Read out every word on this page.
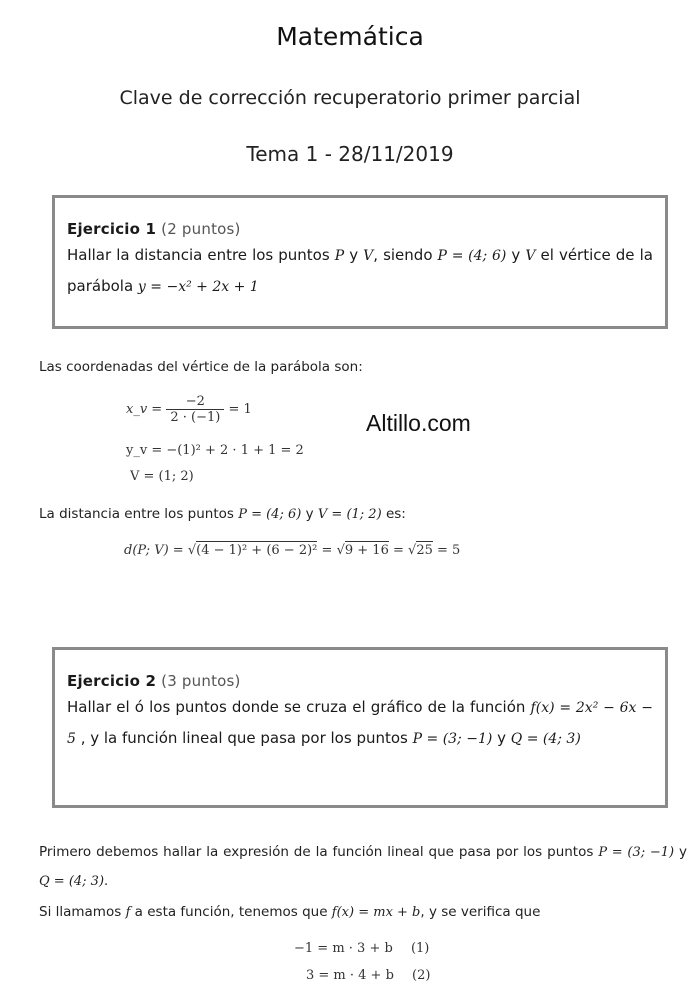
Matemática
Clave de corrección recuperatorio primer parcial
Tema 1 - 28/11/2019
Ejercicio 1 (2 puntos)
Hallar la distancia entre los puntos P y V, siendo P = (4; 6) y V el vértice de la parábola y = −x² + 2x + 1
Las coordenadas del vértice de la parábola son:
x_v = $\frac{-2}{2 \cdot (-1)} = 1$
y_v = −(1)² + 2 · 1 + 1 = 2
V = (1; 2)
Altillo.com
La distancia entre los puntos P = (4; 6) y V = (1; 2) es:
d(P; V) = √(4 − 1)² + (6 − 2)² = √9 + 16 = √25 = 5
Ejercicio 2 (3 puntos)
Hallar el ó los puntos donde se cruza el gráfico de la función f(x) = 2x² − 6x − 5 , y la función lineal que pasa por los puntos P = (3; −1) y Q = (4; 3)
Primero debemos hallar la expresión de la función lineal que pasa por los puntos P = (3; −1) y Q = (4; 3).
Si llamamos f a esta función, tenemos que f(x) = mx + b, y se verifica que
−1 = m · 3 + b (1)
3 = m · 4 + b (2)
